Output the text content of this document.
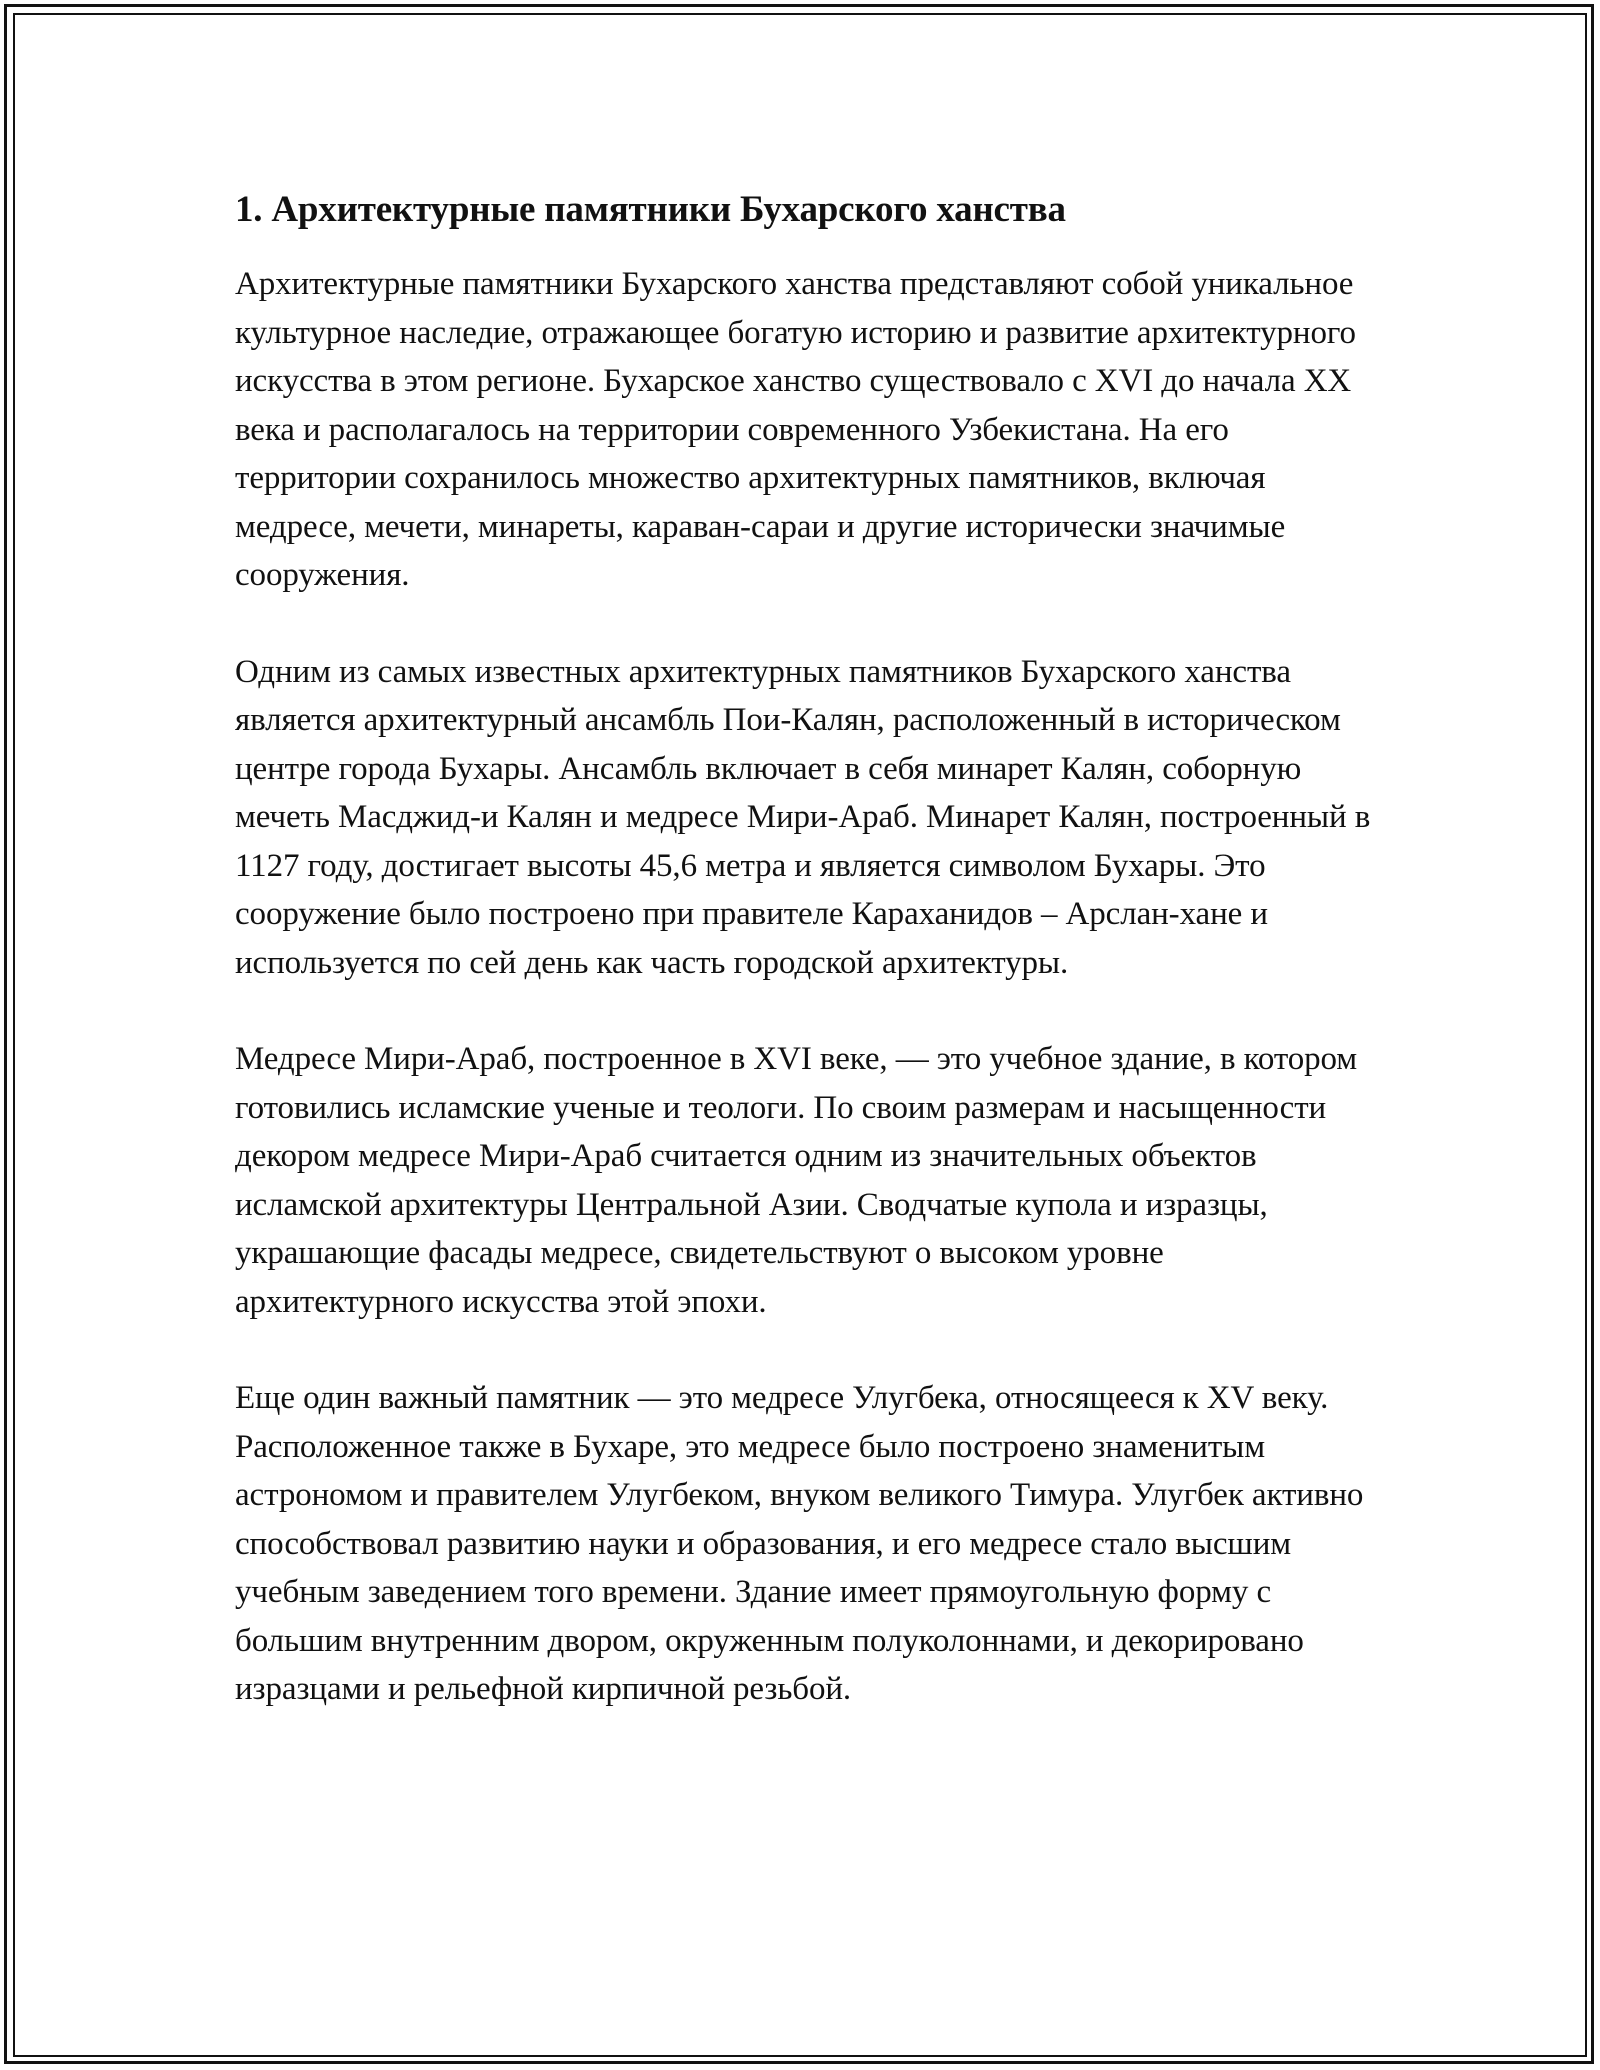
1. Архитектурные памятники Бухарского ханства

Архитектурные памятники Бухарского ханства представляют собой уникальное культурное наследие, отражающее богатую историю и развитие архитектурного искусства в этом регионе. Бухарское ханство существовало с XVI до начала XX века и располагалось на территории современного Узбекистана. На его территории сохранилось множество архитектурных памятников, включая медресе, мечети, минареты, караван-сараи и другие исторически значимые сооружения.

Одним из самых известных архитектурных памятников Бухарского ханства является архитектурный ансамбль Пои-Калян, расположенный в историческом центре города Бухары. Ансамбль включает в себя минарет Калян, соборную мечеть Масджид-и Калян и медресе Мири-Араб. Минарет Калян, построенный в 1127 году, достигает высоты 45,6 метра и является символом Бухары. Это сооружение было построено при правителе Караханидов – Арслан-хане и используется по сей день как часть городской архитектуры.

Медресе Мири-Араб, построенное в XVI веке, — это учебное здание, в котором готовились исламские ученые и теологи. По своим размерам и насыщенности декором медресе Мири-Араб считается одним из значительных объектов исламской архитектуры Центральной Азии. Сводчатые купола и изразцы, украшающие фасады медресе, свидетельствуют о высоком уровне архитектурного искусства этой эпохи.

Еще один важный памятник — это медресе Улугбека, относящееся к XV веку. Расположенное также в Бухаре, это медресе было построено знаменитым астрономом и правителем Улугбеком, внуком великого Тимура. Улугбек активно способствовал развитию науки и образования, и его медресе стало высшим учебным заведением того времени. Здание имеет прямоугольную форму с большим внутренним двором, окруженным полуколоннами, и декорировано изразцами и рельефной кирпичной резьбой.
